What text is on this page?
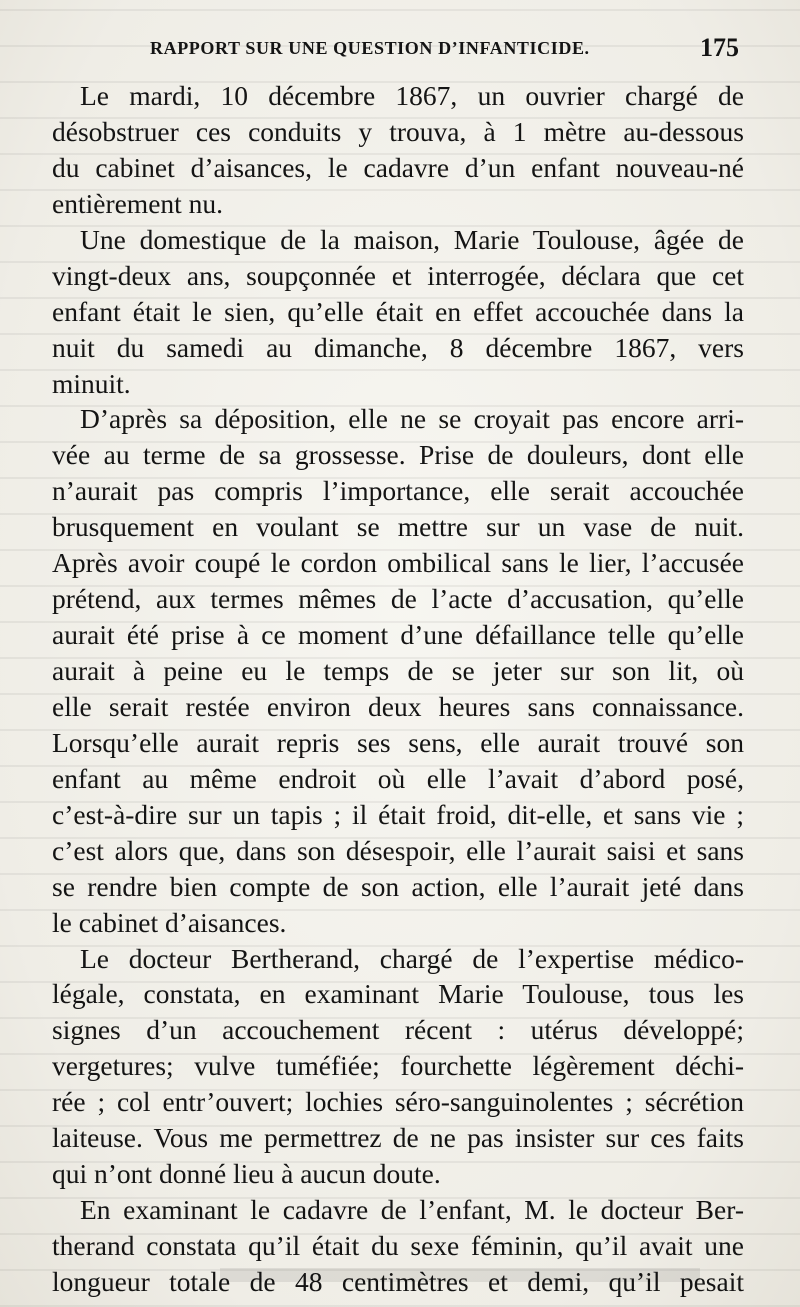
RAPPORT SUR UNE QUESTION D’INFANTICIDE.	175
Le mardi, 10 décembre 1867, un ouvrier chargé de
désobstruer ces conduits y trouva, à 1 mètre au-dessous
du cabinet d’aisances, le cadavre d’un enfant nouveau-né
entièrement nu.
Une domestique de la maison, Marie Toulouse, âgée de
vingt-deux ans, soupçonnée et interrogée, déclara que cet
enfant était le sien, qu’elle était en effet accouchée dans la
nuit du samedi au dimanche, 8 décembre 1867, vers
minuit.
D’après sa déposition, elle ne se croyait pas encore arri-
vée au terme de sa grossesse. Prise de douleurs, dont elle
n’aurait pas compris l’importance, elle serait accouchée
brusquement en voulant se mettre sur un vase de nuit.
Après avoir coupé le cordon ombilical sans le lier, l’accusée
prétend, aux termes mêmes de l’acte d’accusation, qu’elle
aurait été prise à ce moment d’une défaillance telle qu’elle
aurait à peine eu le temps de se jeter sur son lit, où
elle serait restée environ deux heures sans connaissance.
Lorsqu’elle aurait repris ses sens, elle aurait trouvé son
enfant au même endroit où elle l’avait d’abord posé,
c’est-à-dire sur un tapis ; il était froid, dit-elle, et sans vie ;
c’est alors que, dans son désespoir, elle l’aurait saisi et sans
se rendre bien compte de son action, elle l’aurait jeté dans
le cabinet d’aisances.
Le docteur Bertherand, chargé de l’expertise médico-
légale, constata, en examinant Marie Toulouse, tous les
signes d’un accouchement récent : utérus développé;
vergetures; vulve tuméfiée; fourchette légèrement déchi-
rée ; col entr’ouvert; lochies séro-sanguinolentes ; sécrétion
laiteuse. Vous me permettrez de ne pas insister sur ces faits
qui n’ont donné lieu à aucun doute.
En examinant le cadavre de l’enfant, M. le docteur Ber-
therand constata qu’il était du sexe féminin, qu’il avait une
longueur totale de 48 centimètres et demi, qu’il pesait
